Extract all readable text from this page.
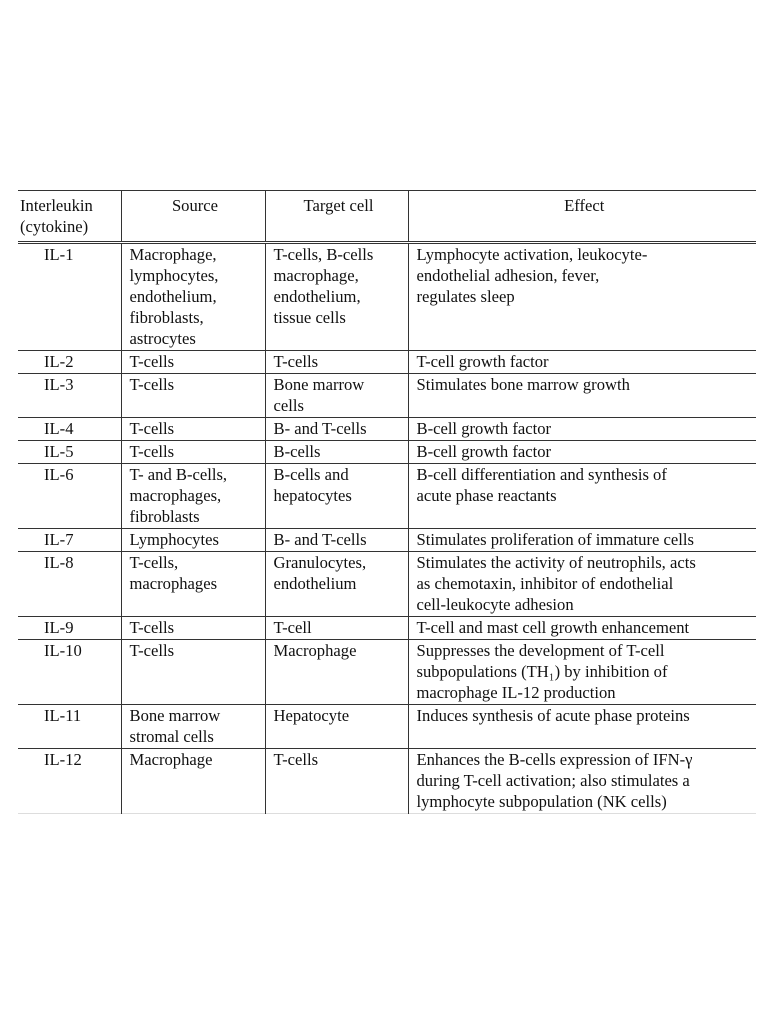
Interleukin
(cytokine)	Source	Target cell	Effect
IL-1	Macrophage,
lymphocytes,
endothelium,
fibroblasts,
astrocytes	T-cells, B-cells
macrophage,
endothelium,
tissue cells	Lymphocyte activation, leukocyte-
endothelial adhesion, fever,
regulates sleep
IL-2	T-cells	T-cells	T-cell growth factor
IL-3	T-cells	Bone marrow
cells	Stimulates bone marrow growth
IL-4	T-cells	B- and T-cells	B-cell growth factor
IL-5	T-cells	B-cells	B-cell growth factor
IL-6	T- and B-cells,
macrophages,
fibroblasts	B-cells and
hepatocytes	B-cell differentiation and synthesis of
acute phase reactants
IL-7	Lymphocytes	B- and T-cells	Stimulates proliferation of immature cells
IL-8	T-cells,
macrophages	Granulocytes,
endothelium	Stimulates the activity of neutrophils, acts
as chemotaxin, inhibitor of endothelial
cell-leukocyte adhesion
IL-9	T-cells	T-cell	T-cell and mast cell growth enhancement
IL-10	T-cells	Macrophage	Suppresses the development of T-cell
subpopulations (TH₁) by inhibition of
macrophage IL-12 production
IL-11	Bone marrow
stromal cells	Hepatocyte	Induces synthesis of acute phase proteins
IL-12	Macrophage	T-cells	Enhances the B-cells expression of IFN-γ
during T-cell activation; also stimulates a
lymphocyte subpopulation (NK cells)
